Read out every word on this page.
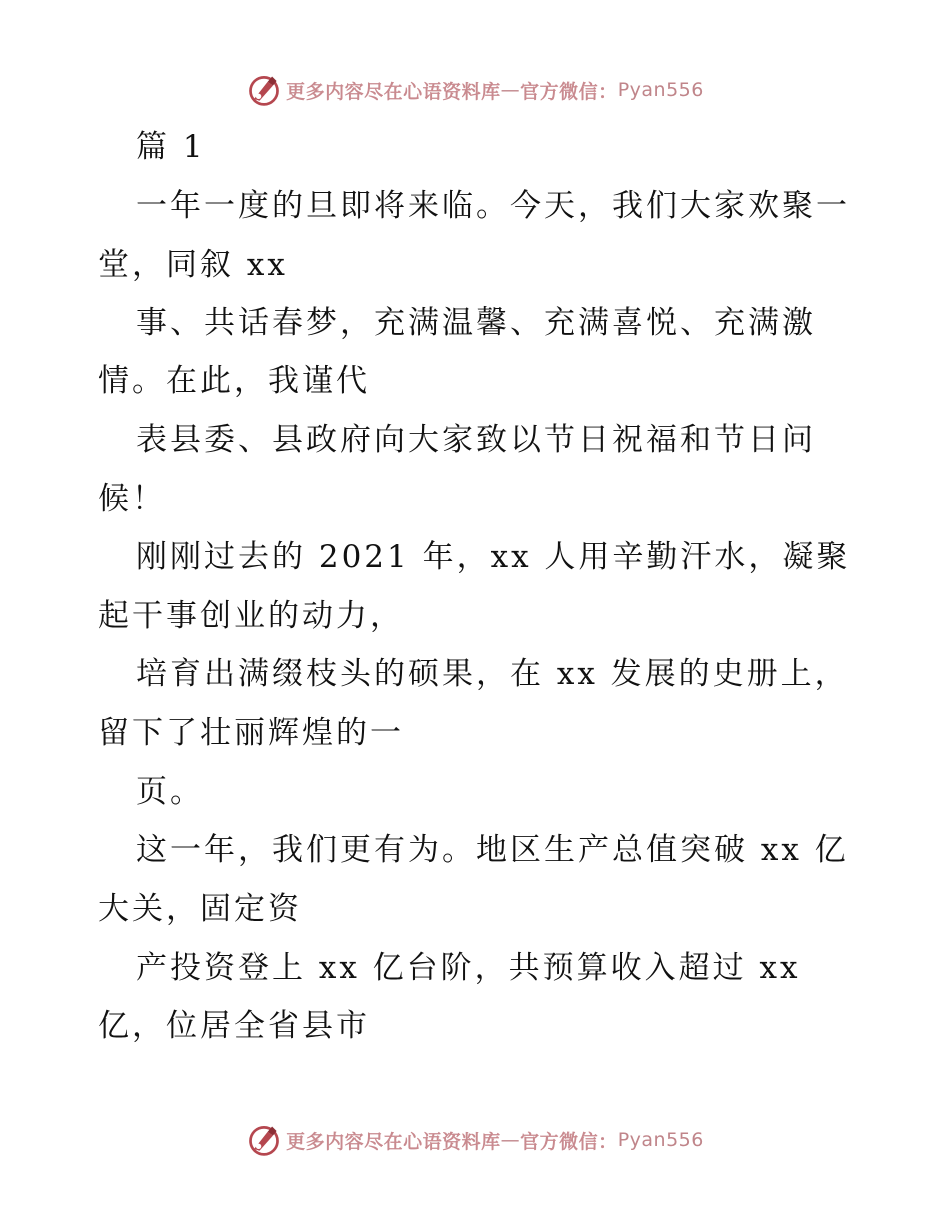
更多内容尽在心语资料库 — 官方微信： Pyan556
篇 1
一年一度的旦即将来临。今天，我们大家欢聚一
堂，同叙 xx
事、共话春梦，充满温馨、充满喜悦、充满激
情。在此，我谨代
表县委、县政府向大家致以节日祝福和节日问
候！
刚刚过去的 2021 年，xx 人用辛勤汗水，凝聚
起干事创业的动力，
培育出满缀枝头的硕果，在 xx 发展的史册上，
留下了壮丽辉煌的一
页。
这一年，我们更有为。地区生产总值突破 xx 亿
大关，固定资
产投资登上 xx 亿台阶，共预算收入超过 xx
亿，位居全省县市
更多内容尽在心语资料库 — 官方微信： Pyan556
